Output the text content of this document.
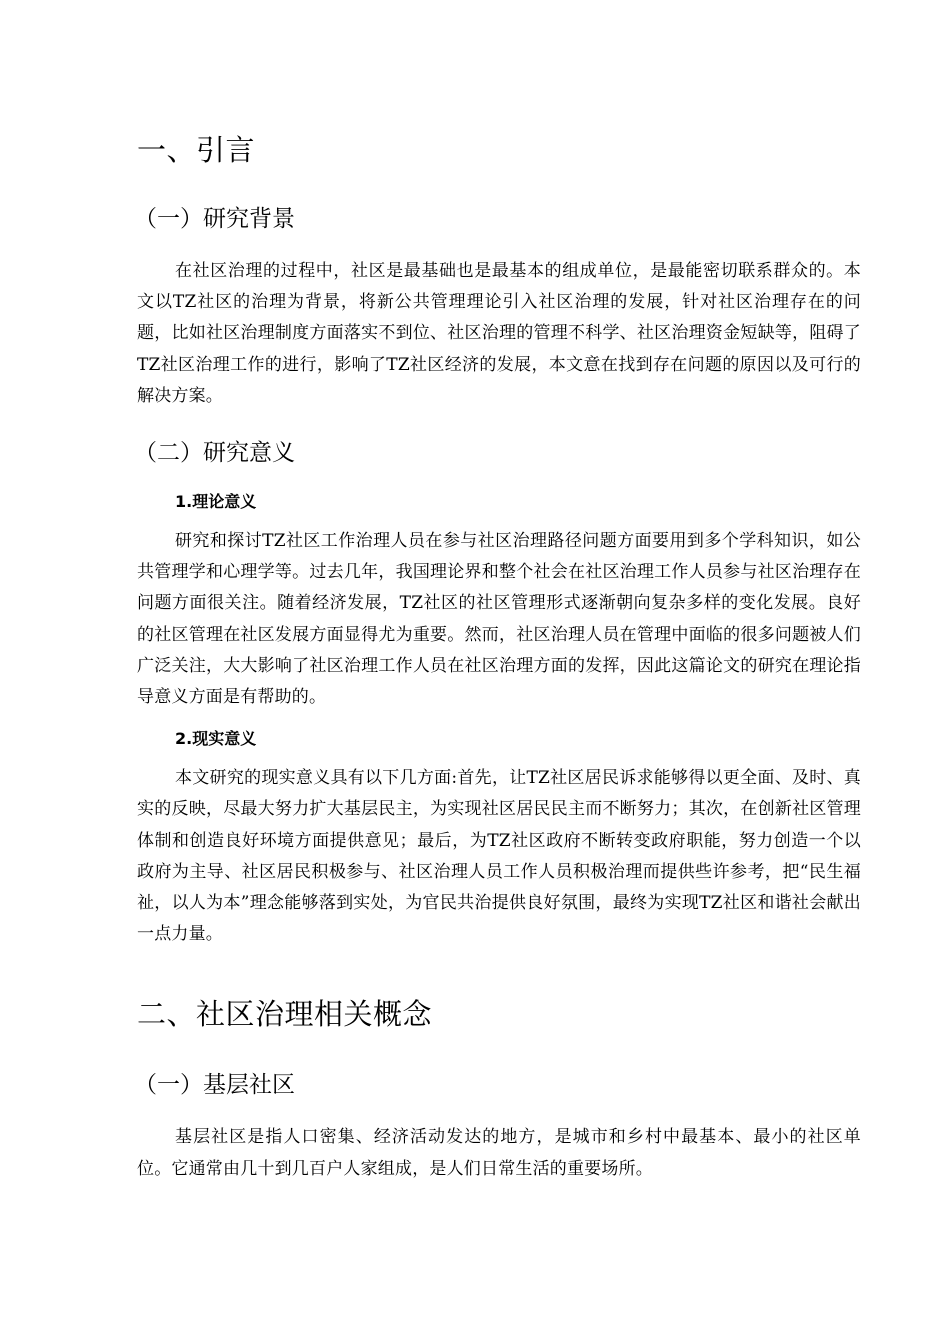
一、引言
（一）研究背景

在社区治理的过程中，社区是最基础也是最基本的组成单位，是最能密切联系群众的。本文以TZ社区的治理为背景，将新公共管理理论引入社区治理的发展，针对社区治理存在的问题，比如社区治理制度方面落实不到位、社区治理的管理不科学、社区治理资金短缺等，阻碍了TZ社区治理工作的进行，影响了TZ社区经济的发展，本文意在找到存在问题的原因以及可行的解决方案。

（二）研究意义
1.理论意义

研究和探讨TZ社区工作治理人员在参与社区治理路径问题方面要用到多个学科知识，如公共管理学和心理学等。过去几年，我国理论界和整个社会在社区治理工作人员参与社区治理存在问题方面很关注。随着经济发展，TZ社区的社区管理形式逐渐朝向复杂多样的变化发展。良好的社区管理在社区发展方面显得尤为重要。然而，社区治理人员在管理中面临的很多问题被人们广泛关注，大大影响了社区治理工作人员在社区治理方面的发挥，因此这篇论文的研究在理论指导意义方面是有帮助的。

2.现实意义

本文研究的现实意义具有以下几方面:首先，让TZ社区居民诉求能够得以更全面、及时、真实的反映，尽最大努力扩大基层民主，为实现社区居民民主而不断努力；其次，在创新社区管理体制和创造良好环境方面提供意见；最后，为TZ社区政府不断转变政府职能，努力创造一个以政府为主导、社区居民积极参与、社区治理人员工作人员积极治理而提供些许参考，把“民生福祉，以人为本”理念能够落到实处，为官民共治提供良好氛围，最终为实现TZ社区和谐社会献出一点力量。

二、社区治理相关概念
（一）基层社区

基层社区是指人口密集、经济活动发达的地方，是城市和乡村中最基本、最小的社区单位。它通常由几十到几百户人家组成，是人们日常生活的重要场所。
